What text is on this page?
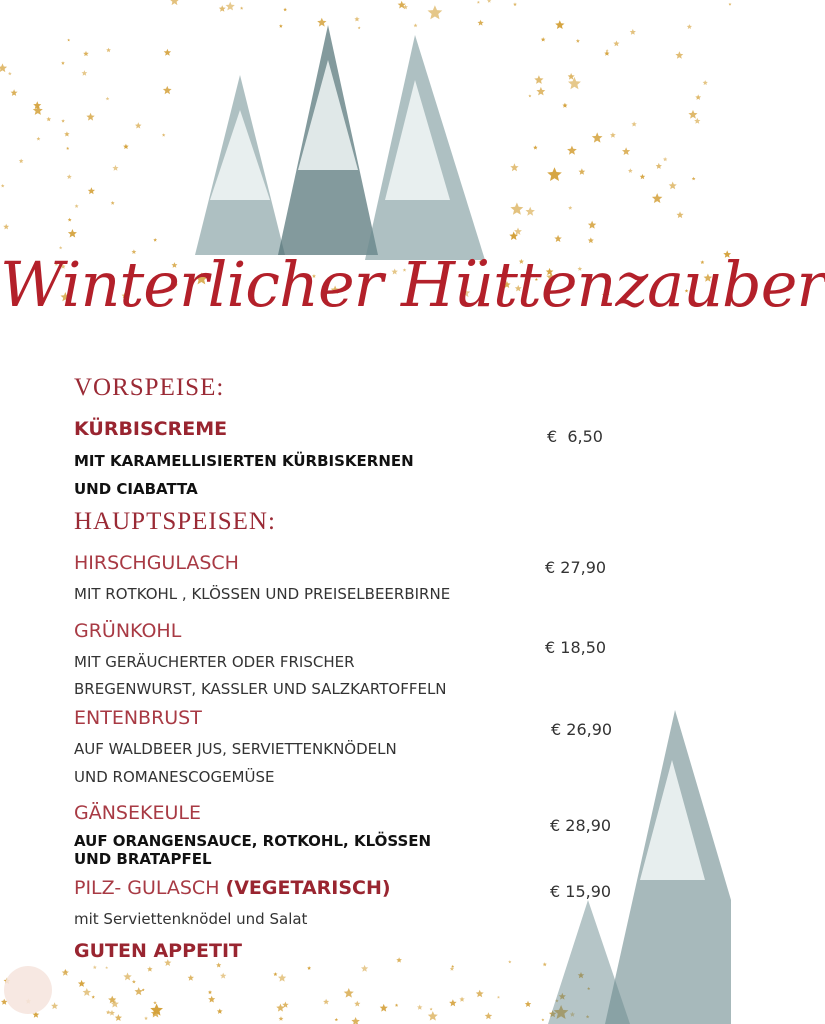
Winterlicher Hüttenzauber
VORSPEISE:
KÜRBISCREME
MIT KARAMELLISIERTEN KÜRBISKERNEN
UND CIABATTA
€  6,50
HAUPTSPEISEN:
HIRSCHGULASCH
MIT ROTKOHL , KLÖSSEN UND PREISELBEERBIRNE
€ 27,90
GRÜNKOHL
MIT GERÄUCHERTER ODER FRISCHER
BREGENWURST, KASSLER UND SALZKARTOFFELN
€ 18,50
ENTENBRUST
AUF WALDBEER JUS, SERVIETTENKNÖDELN
UND ROMANESCOGEMÜSE
€ 26,90
GÄNSEKEULE
AUF ORANGENSAUCE, ROTKOHL, KLÖSSEN
UND BRATAPFEL
€ 28,90
PILZ- GULASCH (VEGETARISCH)
mit Serviettenknödel und Salat
€ 15,90
GUTEN APPETIT
